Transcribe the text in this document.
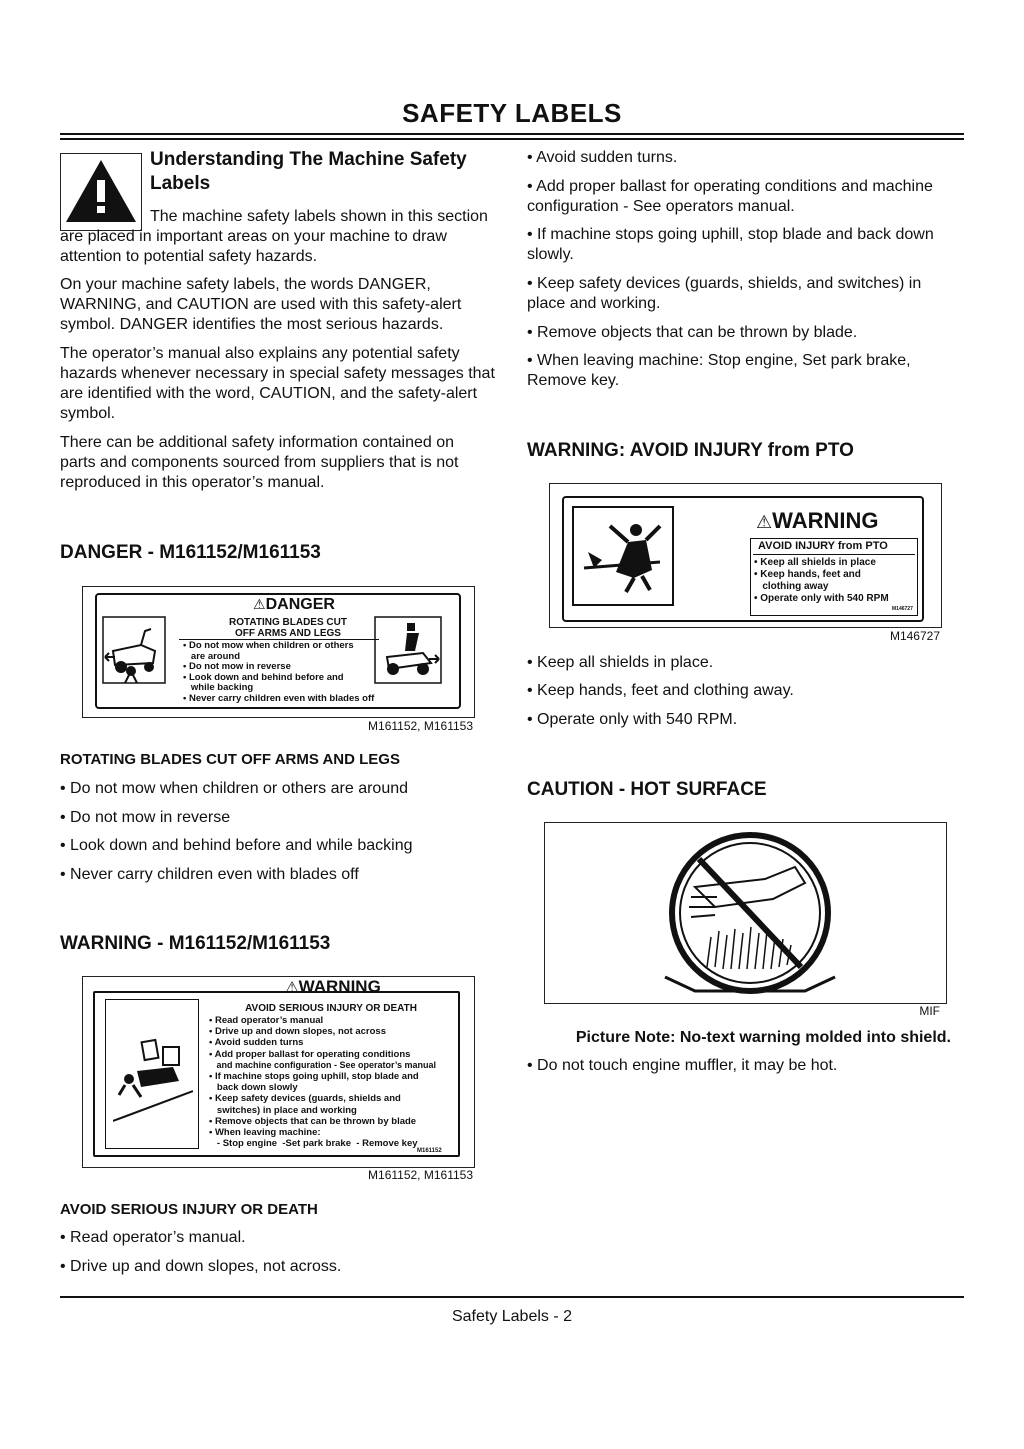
SAFETY LABELS
Understanding The Machine Safety Labels
The machine safety labels shown in this section are placed in important areas on your machine to draw attention to potential safety hazards.
On your machine safety labels, the words DANGER, WARNING, and CAUTION are used with this safety-alert symbol. DANGER identifies the most serious hazards.
The operator’s manual also explains any potential safety hazards whenever necessary in special safety messages that are identified with the word, CAUTION, and the safety-alert symbol.
There can be additional safety information contained on parts and components sourced from suppliers that is not reproduced in this operator’s manual.
DANGER - M161152/M161153
⚠DANGER
ROTATING BLADES CUT
OFF ARMS AND LEGS
• Do not mow when children or others
are around
• Do not mow in reverse
• Look down and behind before and
while backing
• Never carry children even with blades off
M161152, M161153
ROTATING BLADES CUT OFF ARMS AND LEGS
• Do not mow when children or others are around
• Do not mow in reverse
• Look down and behind before and while backing
• Never carry children even with blades off
WARNING - M161152/M161153
⚠WARNING
AVOID SERIOUS INJURY OR DEATH
• Read operator’s manual
• Drive up and down slopes, not across
• Avoid sudden turns
• Add proper ballast for operating conditions
and machine configuration - See operator’s manual
• If machine stops going uphill, stop blade and
back down slowly
• Keep safety devices (guards, shields and
switches) in place and working
• Remove objects that can be thrown by blade
• When leaving machine:
- Stop engine  -Set park brake  - Remove key
M161152
M161152, M161153
AVOID SERIOUS INJURY OR DEATH
• Read operator’s manual.
• Drive up and down slopes, not across.
• Avoid sudden turns.
• Add proper ballast for operating conditions and machine configuration - See operators manual.
• If machine stops going uphill, stop blade and back down slowly.
• Keep safety devices (guards, shields, and switches) in place and working.
• Remove objects that can be thrown by blade.
• When leaving machine: Stop engine, Set park brake, Remove key.
WARNING: AVOID INJURY from PTO
⚠WARNING
AVOID INJURY from PTO
• Keep all shields in place
• Keep hands, feet and
clothing away
• Operate only with 540 RPM
M146727
M146727
• Keep all shields in place.
• Keep hands, feet and clothing away.
• Operate only with 540 RPM.
CAUTION - HOT SURFACE
MIF
Picture Note: No-text warning molded into shield.
• Do not touch engine muffler, it may be hot.
Safety Labels - 2
